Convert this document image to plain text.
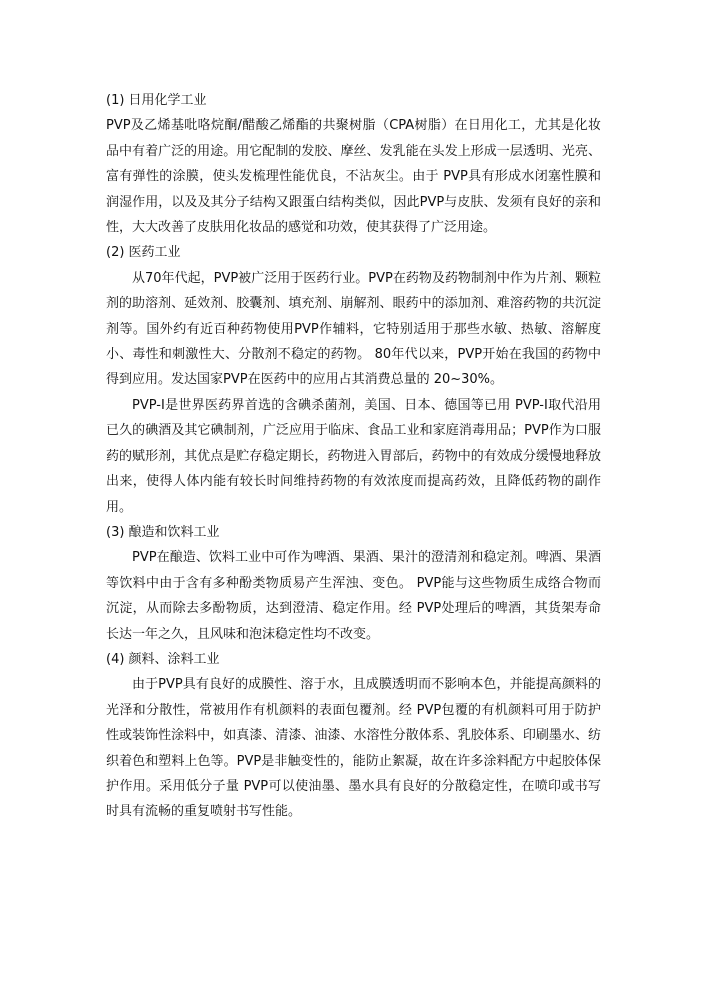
(1) 日用化学工业

PVP及乙烯基吡咯烷酮/醋酸乙烯酯的共聚树脂（CPA树脂）在日用化工，尤其是化妆品中有着广泛的用途。用它配制的发胶、摩丝、发乳能在头发上形成一层透明、光亮、富有弹性的涂膜，使头发梳理性能优良，不沾灰尘。由于 PVP具有形成水闭塞性膜和润湿作用，以及及其分子结构又跟蛋白结构类似，因此PVP与皮肤、发须有良好的亲和性，大大改善了皮肤用化妆品的感觉和功效，使其获得了广泛用途。

(2) 医药工业

从70年代起，PVP被广泛用于医药行业。PVP在药物及药物制剂中作为片剂、颗粒剂的助溶剂、延效剂、胶囊剂、填充剂、崩解剂、眼药中的添加剂、难溶药物的共沉淀剂等。国外约有近百种药物使用PVP作辅料，它特别适用于那些水敏、热敏、溶解度小、毒性和刺激性大、分散剂不稳定的药物。 80年代以来，PVP开始在我国的药物中得到应用。发达国家PVP在医药中的应用占其消费总量的 20~30%。

PVP-I是世界医药界首选的含碘杀菌剂，美国、日本、德国等已用 PVP-I取代沿用已久的碘酒及其它碘制剂，广泛应用于临床、食品工业和家庭消毒用品；PVP作为口服药的赋形剂，其优点是贮存稳定期长，药物进入胃部后，药物中的有效成分缓慢地释放出来，使得人体内能有较长时间维持药物的有效浓度而提高药效，且降低药物的副作用。

(3) 酿造和饮料工业

PVP在酿造、饮料工业中可作为啤酒、果酒、果汁的澄清剂和稳定剂。啤酒、果酒等饮料中由于含有多种酚类物质易产生浑浊、变色。 PVP能与这些物质生成络合物而沉淀，从而除去多酚物质，达到澄清、稳定作用。经 PVP处理后的啤酒，其货架寿命长达一年之久，且风味和泡沫稳定性均不改变。

(4) 颜料、涂料工业

由于PVP具有良好的成膜性、溶于水，且成膜透明而不影响本色，并能提高颜料的光泽和分散性，常被用作有机颜料的表面包覆剂。经 PVP包覆的有机颜料可用于防护性或装饰性涂料中，如真漆、清漆、油漆、水溶性分散体系、乳胶体系、印刷墨水、纺织着色和塑料上色等。PVP是非触变性的，能防止絮凝，故在许多涂料配方中起胶体保护作用。采用低分子量 PVP可以使油墨、墨水具有良好的分散稳定性，在喷印或书写时具有流畅的重复喷射书写性能。
